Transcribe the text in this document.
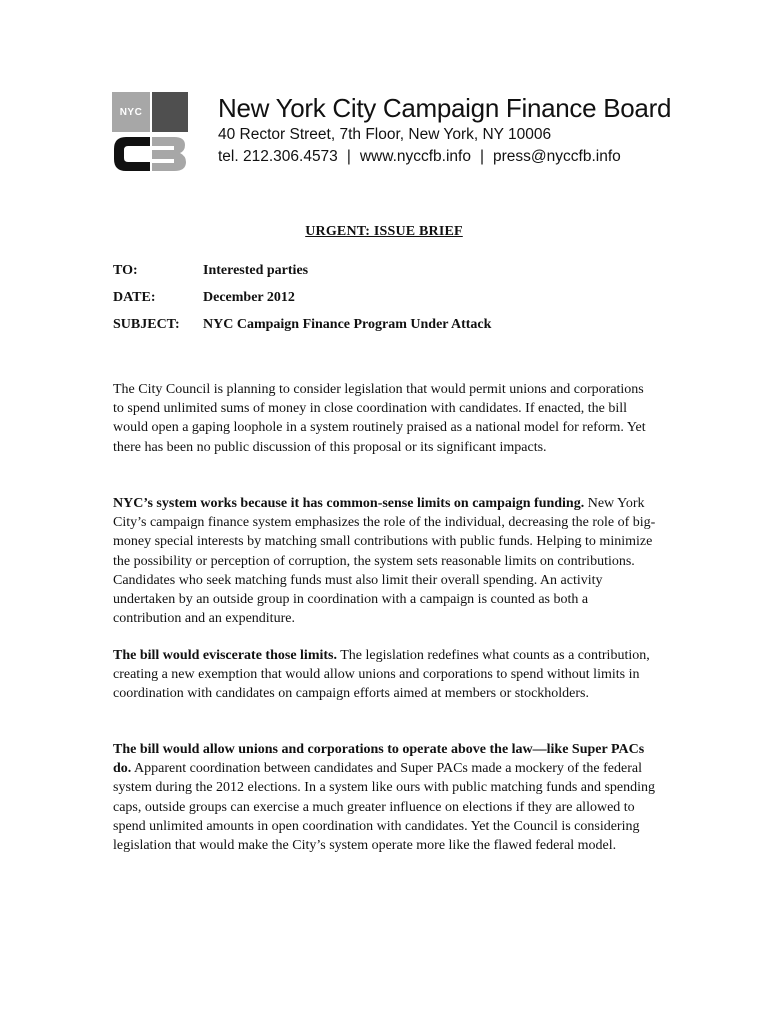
NYC	New York City Campaign Finance Board
40 Rector Street, 7th Floor, New York, NY 10006
tel. 212.306.4573 | www.nyccfb.info | press@nyccfb.info
URGENT: ISSUE BRIEF
TO:	Interested parties
DATE:	December 2012
SUBJECT: NYC Campaign Finance Program Under Attack

The City Council is planning to consider legislation that would permit unions and corporations to spend unlimited sums of money in close coordination with candidates. If enacted, the bill would open a gaping loophole in a system routinely praised as a national model for reform. Yet there has been no public discussion of this proposal or its significant impacts.

NYC’s system works because it has common-sense limits on campaign funding. New York City’s campaign finance system emphasizes the role of the individual, decreasing the role of big-money special interests by matching small contributions with public funds. Helping to minimize the possibility or perception of corruption, the system sets reasonable limits on contributions. Candidates who seek matching funds must also limit their overall spending. An activity undertaken by an outside group in coordination with a campaign is counted as both a contribution and an expenditure.

The bill would eviscerate those limits. The legislation redefines what counts as a contribution, creating a new exemption that would allow unions and corporations to spend without limits in coordination with candidates on campaign efforts aimed at members or stockholders.

The bill would allow unions and corporations to operate above the law—like Super PACs do. Apparent coordination between candidates and Super PACs made a mockery of the federal system during the 2012 elections. In a system like ours with public matching funds and spending caps, outside groups can exercise a much greater influence on elections if they are allowed to spend unlimited amounts in open coordination with candidates. Yet the Council is considering legislation that would make the City’s system operate more like the flawed federal model.
